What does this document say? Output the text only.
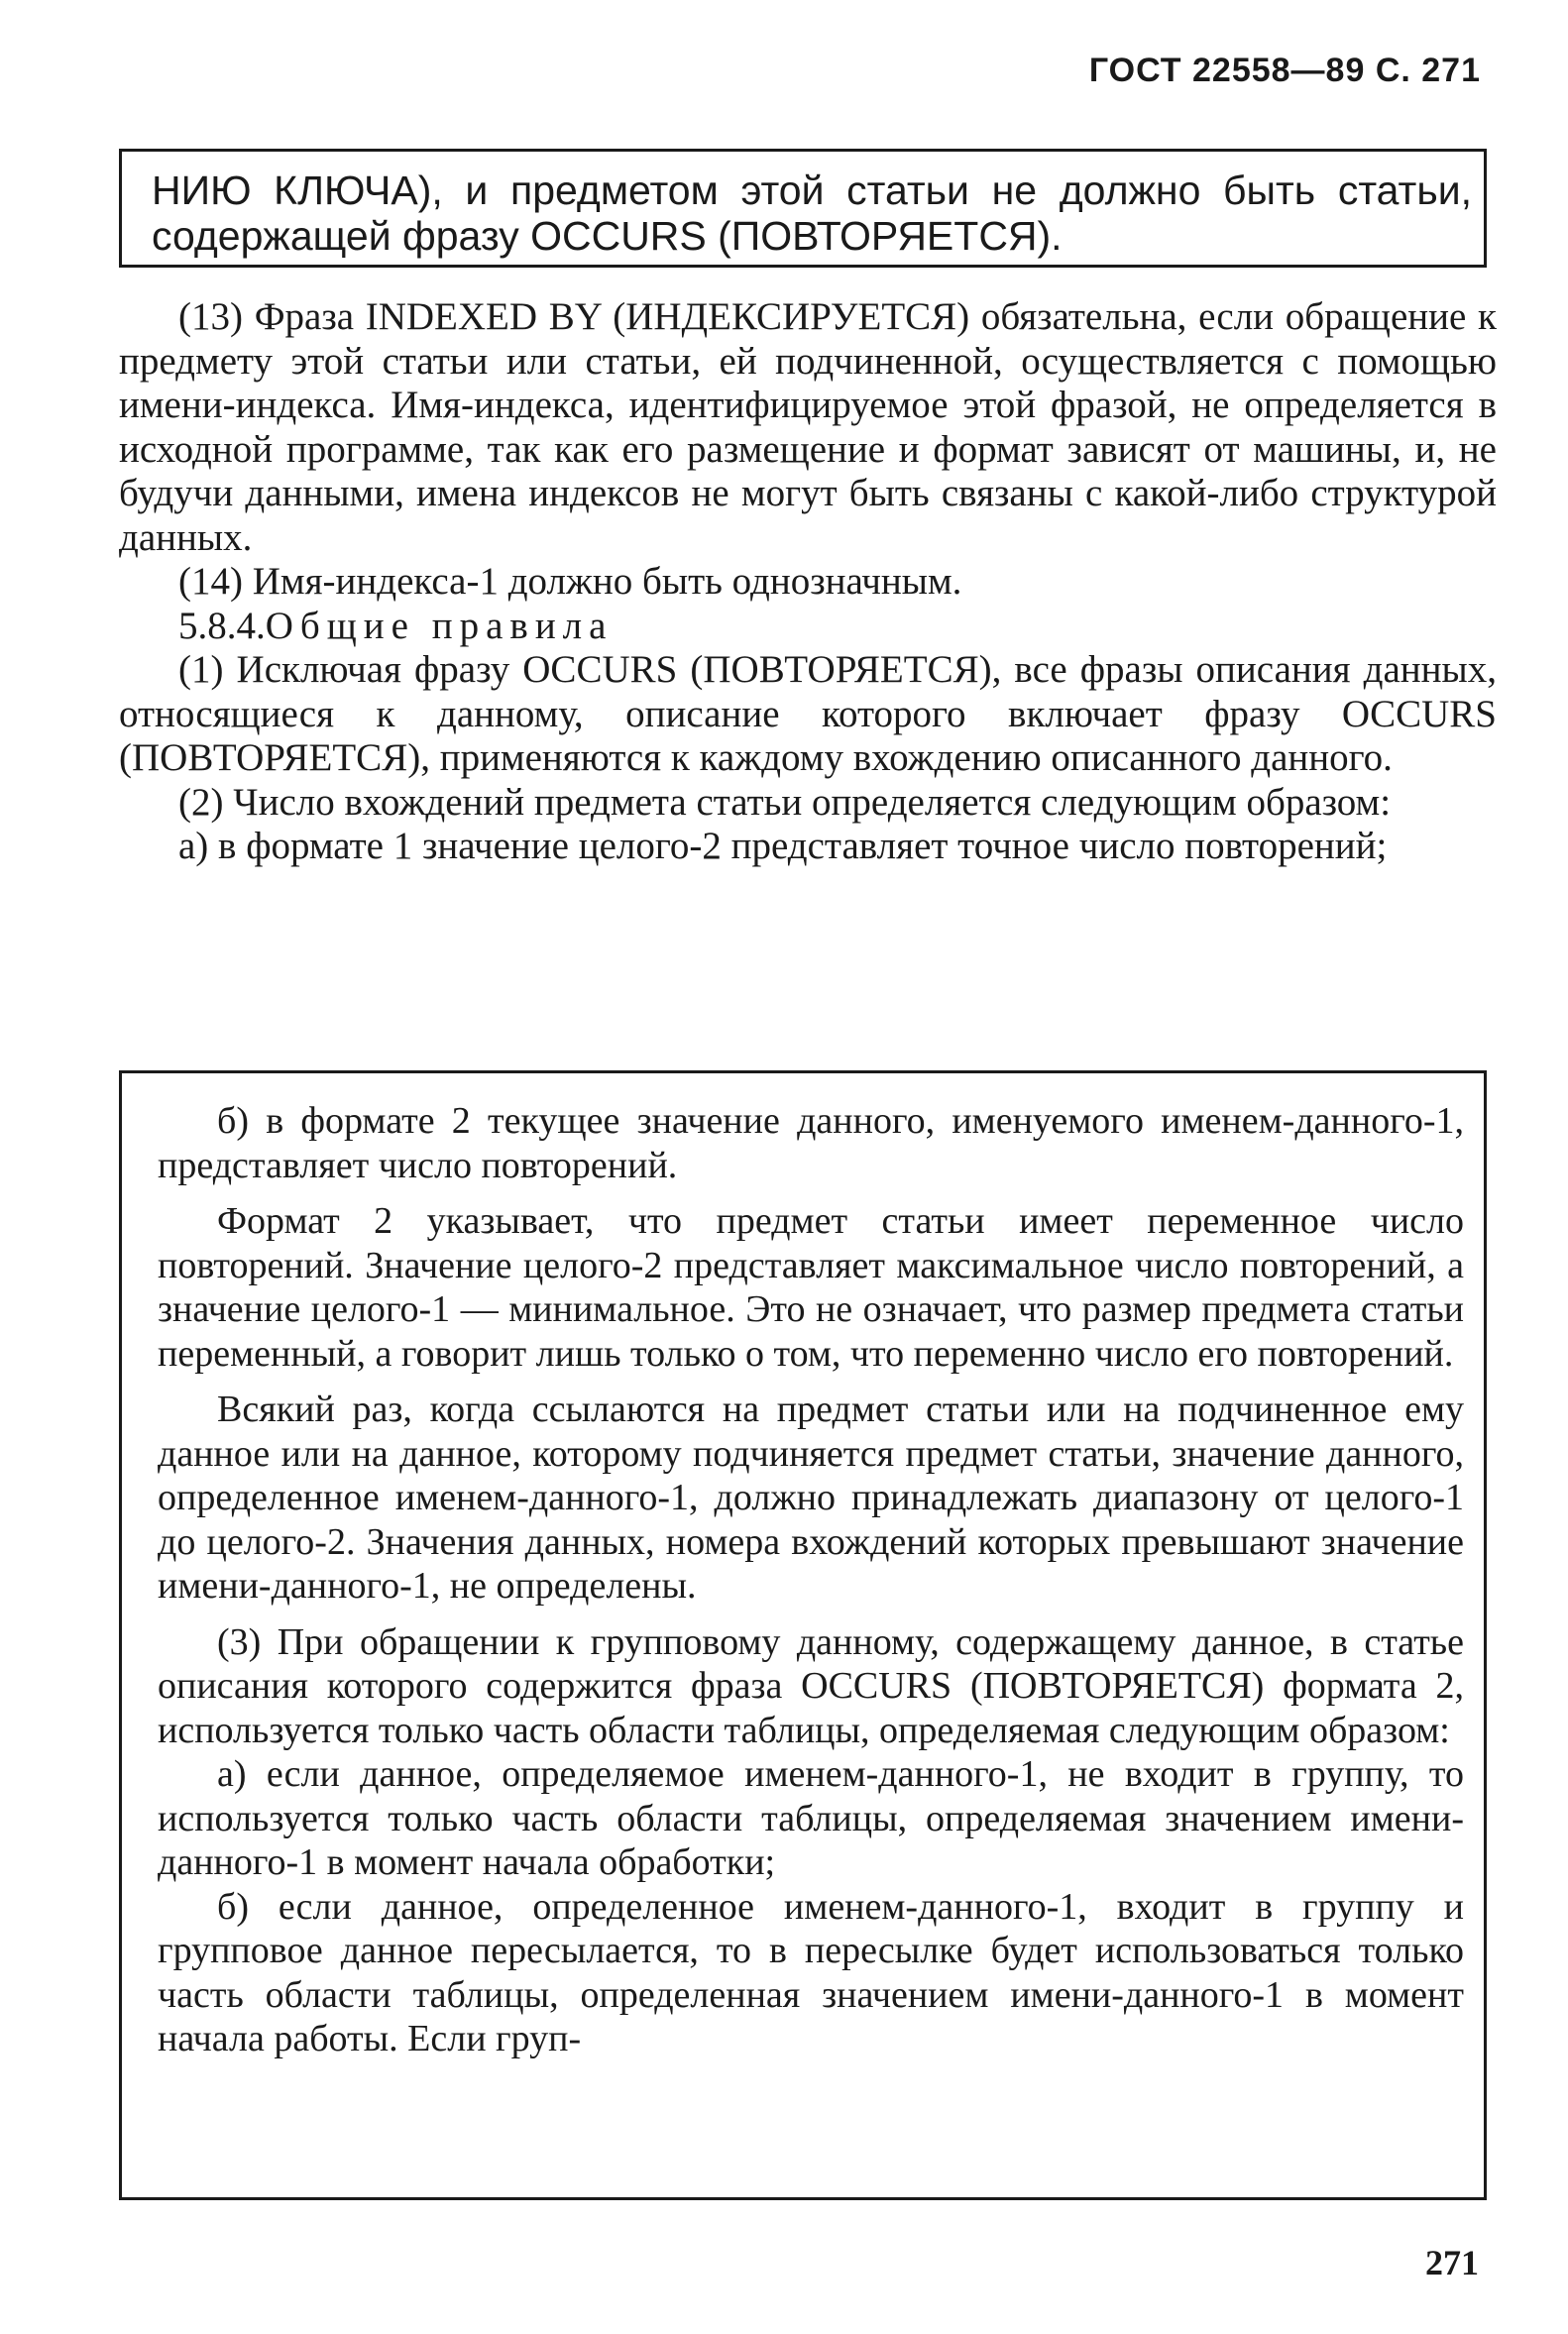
ГОСТ 22558—89 С. 271

НИЮ КЛЮЧА), и предметом этой статьи не должно быть статьи, содержащей фразу OCCURS (ПОВТОРЯЕТСЯ).

(13) Фраза INDEXED BY (ИНДЕКСИРУЕТСЯ) обязательна, если обращение к предмету этой статьи или статьи, ей подчиненной, осуществляется с помощью имени-индекса. Имя-индекса, идентифицируемое этой фразой, не определяется в исходной программе, так как его размещение и формат зависят от машины, и, не будучи данными, имена индексов не могут быть связаны с какой-либо структурой данных.

(14) Имя-индекса-1 должно быть однозначным.

5.8.4.Общие правила

(1) Исключая фразу OCCURS (ПОВТОРЯЕТСЯ), все фразы описания данных, относящиеся к данному, описание которого включает фразу OCCURS (ПОВТОРЯЕТСЯ), применяются к каждому вхождению описанного данного.

(2) Число вхождений предмета статьи определяется следующим образом:

а) в формате 1 значение целого-2 представляет точное число повторений;

б) в формате 2 текущее значение данного, именуемого именем-данного-1, представляет число повторений.

Формат 2 указывает, что предмет статьи имеет переменное число повторений. Значение целого-2 представляет максимальное число повторений, а значение целого-1 — минимальное. Это не означает, что размер предмета статьи переменный, а говорит лишь только о том, что переменно число его повторений.

Всякий раз, когда ссылаются на предмет статьи или на подчиненное ему данное или на данное, которому подчиняется предмет статьи, значение данного, определенное именем-данного-1, должно принадлежать диапазону от целого-1 до целого-2. Значения данных, номера вхождений которых превышают значение имени-данного-1, не определены.

(3) При обращении к групповому данному, содержащему данное, в статье описания которого содержится фраза OCCURS (ПОВТОРЯЕТСЯ) формата 2, используется только часть области таблицы, определяемая следующим образом:

а) если данное, определяемое именем-данного-1, не входит в группу, то используется только часть области таблицы, определяемая значением имени-данного-1 в момент начала обработки;

б) если данное, определенное именем-данного-1, входит в группу и групповое данное пересылается, то в пересылке будет использоваться только часть области таблицы, определенная значением имени-данного-1 в момент начала работы. Если груп-

271
